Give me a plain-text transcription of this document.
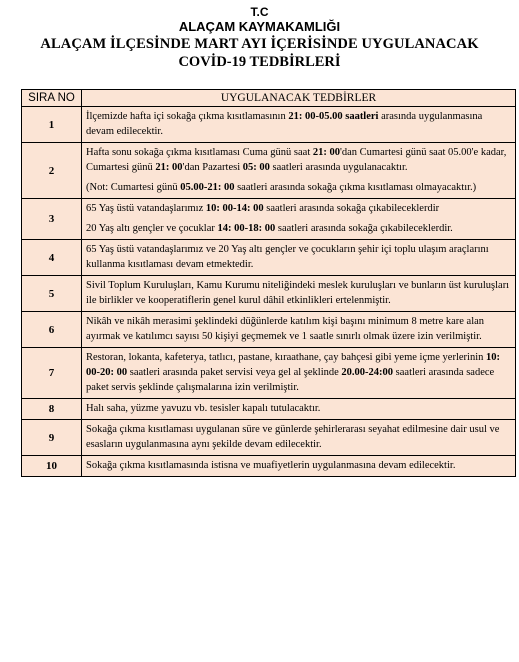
T.C
ALAÇAM KAYMAKAMLIĞI
ALAÇAM İLÇESİNDE MART AYI İÇERİSİNDE UYGULANACAK
COVİD-19 TEDBİRLERİ
SIRA NO	UYGULANACAK TEDBİRLER
1	İlçemizde hafta içi sokağa çıkma kısıtlamasının 21: 00-05.00 saatleri arasında uygulanmasına devam edilecektir.

2	Hafta sonu sokağa çıkma kısıtlaması Cuma günü saat 21: 00'dan Cumartesi günü saat 05.00'e kadar, Cumartesi günü 21: 00'dan Pazartesi 05: 00 saatleri arasında uygulanacaktır.

(Not: Cumartesi günü 05.00-21: 00 saatleri arasında sokağa çıkma kısıtlaması olmayacaktır.)

3	65 Yaş üstü vatandaşlarımız 10: 00-14: 00 saatleri arasında sokağa çıkabileceklerdir

20 Yaş altı gençler ve çocuklar 14: 00-18: 00 saatleri arasında sokağa çıkabileceklerdir.

4	65 Yaş üstü vatandaşlarımız ve 20 Yaş altı gençler ve çocukların şehir içi toplu ulaşım araçlarını kullanma kısıtlaması devam etmektedir.

5	Sivil Toplum Kuruluşları, Kamu Kurumu niteliğindeki meslek kuruluşları ve bunların üst kuruluşları ile birlikler ve kooperatiflerin genel kurul dâhil etkinlikleri ertelenmiştir.

6	Nikâh ve nikâh merasimi şeklindeki düğünlerde katılım kişi başını minimum 8 metre kare alan ayırmak ve katılımcı sayısı 50 kişiyi geçmemek ve 1 saatle sınırlı olmak üzere izin verilmiştir.

7	Restoran, lokanta, kafeterya, tatlıcı, pastane, kıraathane, çay bahçesi gibi yeme içme yerlerinin 10: 00-20: 00 saatleri arasında paket servisi veya gel al şeklinde 20.00-24:00 saatleri arasında sadece paket servis şeklinde çalışmalarına izin verilmiştir.

8	Halı saha, yüzme yavuzu vb. tesisler kapalı tutulacaktır.

9	Sokağa çıkma kısıtlaması uygulanan süre ve günlerde şehirlerarası seyahat edilmesine dair usul ve esasların uygulanmasına aynı şekilde devam edilecektir.

10	Sokağa çıkma kısıtlamasında istisna ve muafiyetlerin uygulanmasına devam edilecektir.
